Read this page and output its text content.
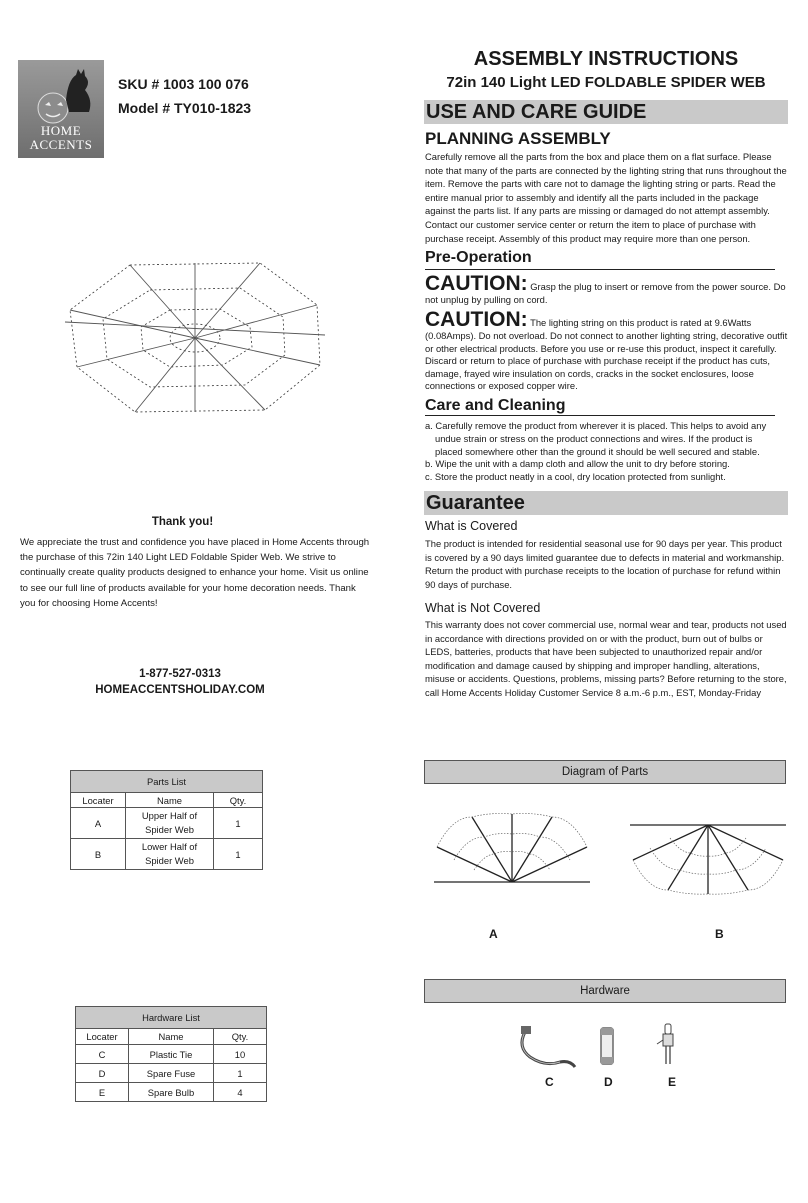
HOME
ACCENTS
SKU # 1003 100 076
Model # TY010-1823
ASSEMBLY INSTRUCTIONS
72in 140 Light LED FOLDABLE SPIDER WEB
USE AND CARE GUIDE
PLANNING ASSEMBLY
Carefully remove all the parts from the box and place them on a flat surface. Please note that many of the parts are connected by the lighting string that runs throughout the item. Remove the parts with care not to damage the lighting string or parts. Read the entire manual prior to assembly and identify all the parts included in the package against the parts list. If any parts are missing or damaged do not attempt assembly. Contact our customer service center or return the item to place of purchase with purchase receipt. Assembly of this product may require more than one person.
Pre-Operation
CAUTION: Grasp the plug to insert or remove from the power source. Do not unplug by pulling on cord.
CAUTION: The lighting string on this product is rated at 9.6Watts (0.08Amps). Do not overload. Do not connect to another lighting string, decorative outfit or other electrical products. Before you use or re-use this product, inspect it carefully. Discard or return to place of purchase with purchase receipt if the product has cuts, damage, frayed wire insulation on cords, cracks in the socket enclosures, loose connections or exposed copper wire.
Care and Cleaning
a. Carefully remove the product from wherever it is placed. This helps to avoid any
undue strain or stress on the product connections and wires. If the product is
placed somewhere other than the ground it should be well secured and stable.
b. Wipe the unit with a damp cloth and allow the unit to dry before storing.
c. Store the product neatly in a cool, dry location protected from sunlight.
Guarantee
What is Covered
The product is intended for residential seasonal use for 90 days per year. This product is covered by a 90 days limited guarantee due to defects in material and workmanship. Return the product with purchase receipts to the location of purchase for refund within 90 days of purchase.
What is Not Covered
This warranty does not cover commercial use, normal wear and tear, products not used in accordance with directions provided on or with the product, burn out of bulbs or LEDS, batteries, products that have been subjected to unauthorized repair and/or modification and damage caused by shipping and improper handling, alterations, misuse or accidents. Questions, problems, missing parts? Before returning to the store, call Home Accents Holiday Customer Service 8 a.m.-6 p.m., EST, Monday-Friday
Thank you!
We appreciate the trust and confidence you have placed in Home Accents through the purchase of this 72in 140 Light LED Foldable Spider Web. We strive to continually create quality products designed to enhance your home. Visit us online to see our full line of products available for your home decoration needs. Thank you for choosing Home Accents!
1-877-527-0313
HOMEACCENTSHOLIDAY.COM
Parts List		
Locater	Name	Qty.
A	Upper Half of
Spider Web	1
B	Lower Half of
Spider Web	1
Hardware List		
Locater	Name	Qty.
C	Plastic Tie	10
D	Spare Fuse	1
E	Spare Bulb	4
Diagram of Parts
A	B
Hardware
C	D	E
